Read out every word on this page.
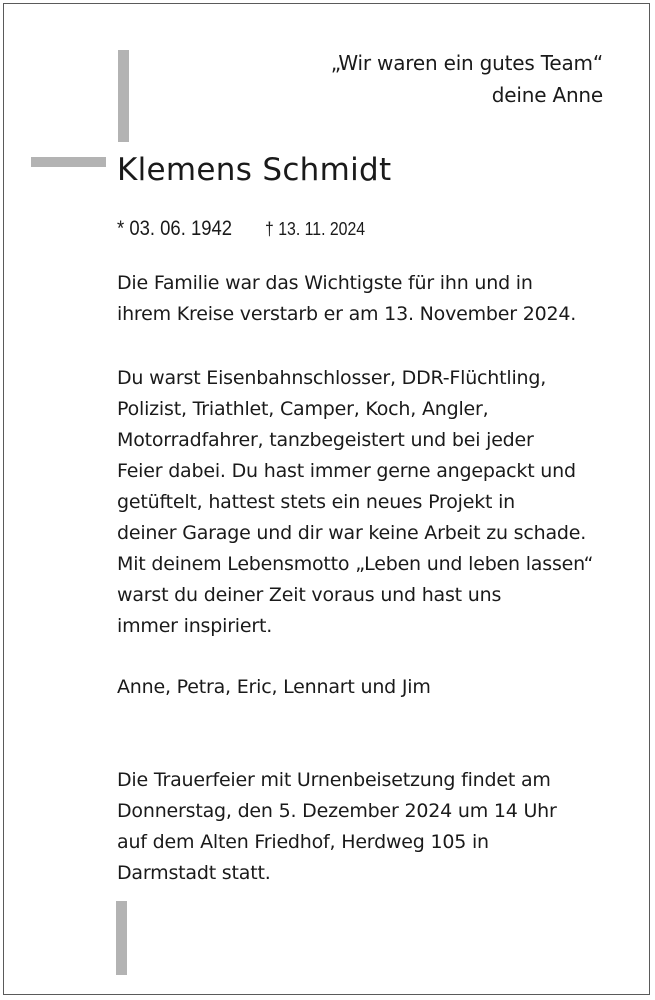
„Wir waren ein gutes Team“
deine Anne
Klemens Schmidt
* 03. 06. 1942	† 13. 11. 2024
Die Familie war das Wichtigste für ihn und in
ihrem Kreise verstarb er am 13. November 2024.
Du warst Eisenbahnschlosser, DDR-Flüchtling,
Polizist, Triathlet, Camper, Koch, Angler,
Motorradfahrer, tanzbegeistert und bei jeder
Feier dabei. Du hast immer gerne angepackt und
getüftelt, hattest stets ein neues Projekt in
deiner Garage und dir war keine Arbeit zu schade.
Mit deinem Lebensmotto „Leben und leben lassen“
warst du deiner Zeit voraus und hast uns
immer inspiriert.
Anne, Petra, Eric, Lennart und Jim
Die Trauerfeier mit Urnenbeisetzung findet am
Donnerstag, den 5. Dezember 2024 um 14 Uhr
auf dem Alten Friedhof, Herdweg 105 in
Darmstadt statt.
